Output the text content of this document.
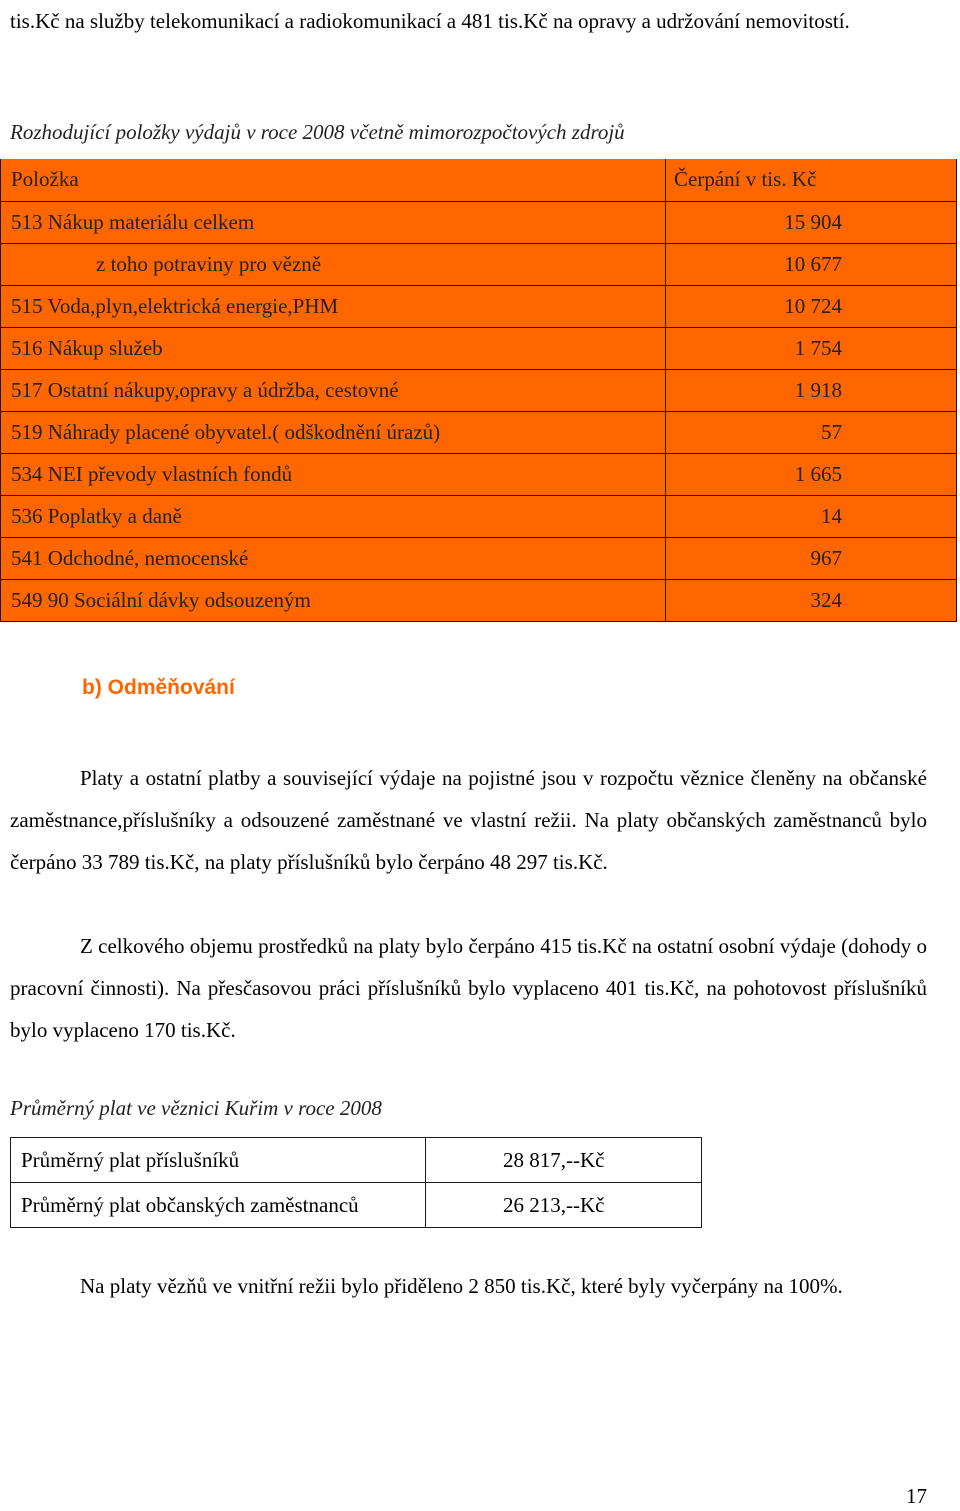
tis.Kč na služby telekomunikací a radiokomunikací a 481 tis.Kč na opravy a udržování nemovitostí.

Rozhodující položky výdajů v roce 2008 včetně mimorozpočtových zdrojů

Položka	Čerpání v tis. Kč
513 Nákup materiálu celkem	15 904
z toho potraviny pro vězně	10 677
515 Voda,plyn,elektrická energie,PHM	10 724
516 Nákup služeb	1 754
517 Ostatní nákupy,opravy a údržba, cestovné	1 918
519 Náhrady placené obyvatel.( odškodnění úrazů)	57
534 NEI převody vlastních fondů	1 665
536 Poplatky a daně	14
541 Odchodné, nemocenské	967
549 90 Sociální dávky odsouzeným	324

b) Odměňování

Platy a ostatní platby a související výdaje na pojistné jsou v rozpočtu věznice členěny na občanské zaměstnance,příslušníky a odsouzené zaměstnané ve vlastní režii. Na platy občanských zaměstnanců bylo čerpáno 33 789 tis.Kč, na platy příslušníků bylo čerpáno 48 297 tis.Kč.

Z celkového objemu prostředků na platy bylo čerpáno 415 tis.Kč na ostatní osobní výdaje (dohody o pracovní činnosti). Na přesčasovou práci příslušníků bylo vyplaceno 401 tis.Kč, na pohotovost příslušníků bylo vyplaceno 170 tis.Kč.

Průměrný plat ve věznici Kuřim v roce 2008

Průměrný plat příslušníků	28 817,--Kč
Průměrný plat občanských zaměstnanců	26 213,--Kč

Na platy vězňů ve vnitřní režii bylo přiděleno 2 850 tis.Kč, které byly vyčerpány na 100%.

17
